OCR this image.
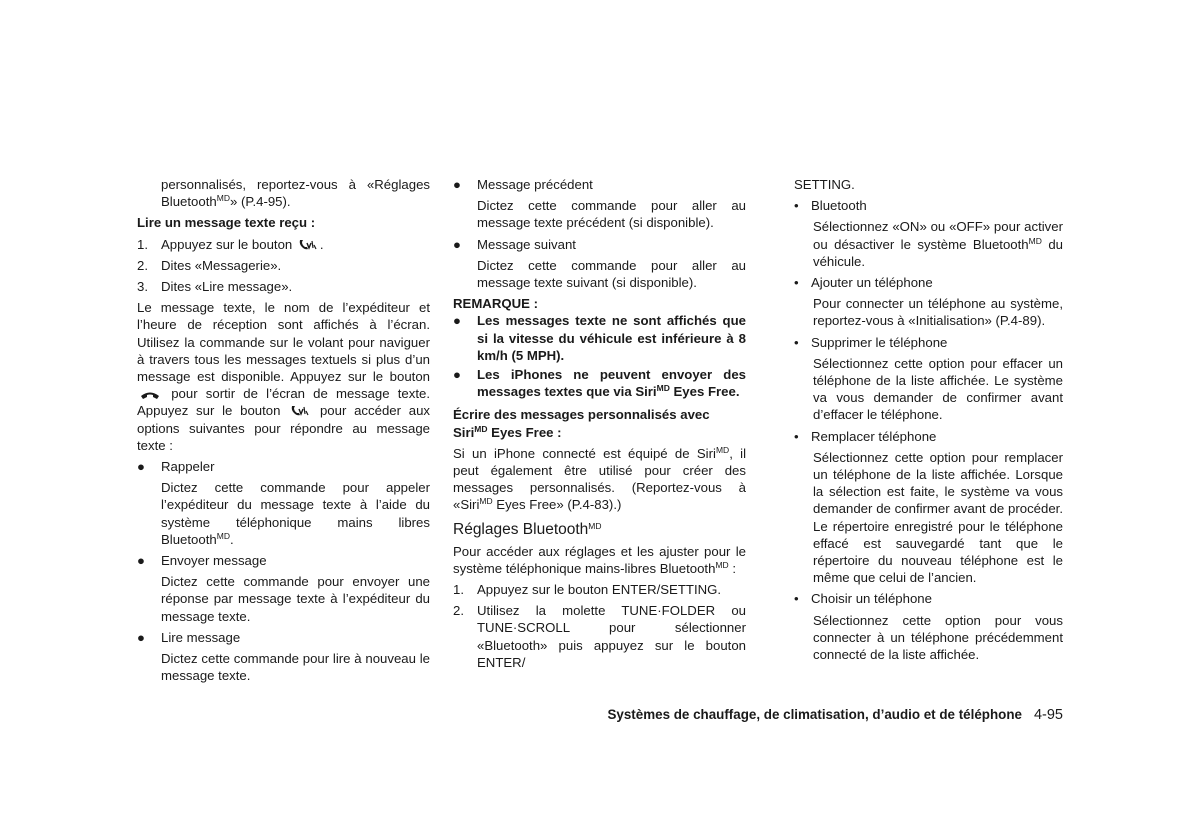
personnalisés, reportez-vous à «Réglages Bluetooth$^{MD}$» (P.4-95).

Lire un message texte reçu :

1. Appuyez sur le bouton .
2. Dites «Messagerie».
3. Dites «Lire message».

Le message texte, le nom de l’expéditeur et l’heure de réception sont affichés à l’écran. Utilisez la commande sur le volant pour naviguer à travers tous les messages textuels si plus d’un message est disponible. Appuyez sur le bouton  pour sortir de l’écran de message texte. Appuyez sur le bouton	pour accéder aux options suivantes pour répondre au message texte :

● Rappeler

Dictez cette commande pour appeler l’expéditeur du message texte à l’aide du système téléphonique mains libres Bluetooth$^{MD}$.

● Envoyer message

Dictez cette commande pour envoyer une réponse par message texte à l’expéditeur du message texte.

● Lire message

Dictez cette commande pour lire à nouveau le message texte.

● Message précédent

Dictez cette commande pour aller au message texte précédent (si disponible).

● Message suivant

Dictez cette commande pour aller au message texte suivant (si disponible).

REMARQUE :

● Les messages texte ne sont affichés que si la vitesse du véhicule est inférieure à 8 km/h (5 MPH).
● Les iPhones ne peuvent envoyer des messages textes que via Siri$^{MD}$ Eyes Free.

Écrire des messages personnalisés avec Siri$^{MD}$ Eyes Free :

Si un iPhone connecté est équipé de Siri$^{MD}$, il peut également être utilisé pour créer des messages personnalisés. (Reportez-vous à «Siri$^{MD}$ Eyes Free» (P.4-83).)

Réglages Bluetooth$^{MD}$

Pour accéder aux réglages et les ajuster pour le système téléphonique mains-libres Bluetooth$^{MD}$ :

1. Appuyez sur le bouton ENTER/SETTING.
2. Utilisez la molette TUNE·FOLDER ou TUNE·SCROLL pour sélectionner «Bluetooth» puis appuyez sur le bouton ENTER/

SETTING.

• Bluetooth

Sélectionnez «ON» ou «OFF» pour activer ou désactiver le système Bluetooth$^{MD}$ du véhicule.

• Ajouter un téléphone

Pour connecter un téléphone au système, reportez-vous à «Initialisation» (P.4-89).

• Supprimer le téléphone

Sélectionnez cette option pour effacer un téléphone de la liste affichée. Le système va vous demander de confirmer avant d’effacer le téléphone.

• Remplacer téléphone

Sélectionnez cette option pour remplacer un téléphone de la liste affichée. Lorsque la sélection est faite, le système va vous demander de confirmer avant de procéder. Le répertoire enregistré pour le téléphone effacé est sauvegardé tant que le répertoire du nouveau téléphone est le même que celui de l’ancien.

• Choisir un téléphone

Sélectionnez cette option pour vous connecter à un téléphone précédemment connecté de la liste affichée.

Systèmes de chauffage, de climatisation, d’audio et de téléphone 4-95
